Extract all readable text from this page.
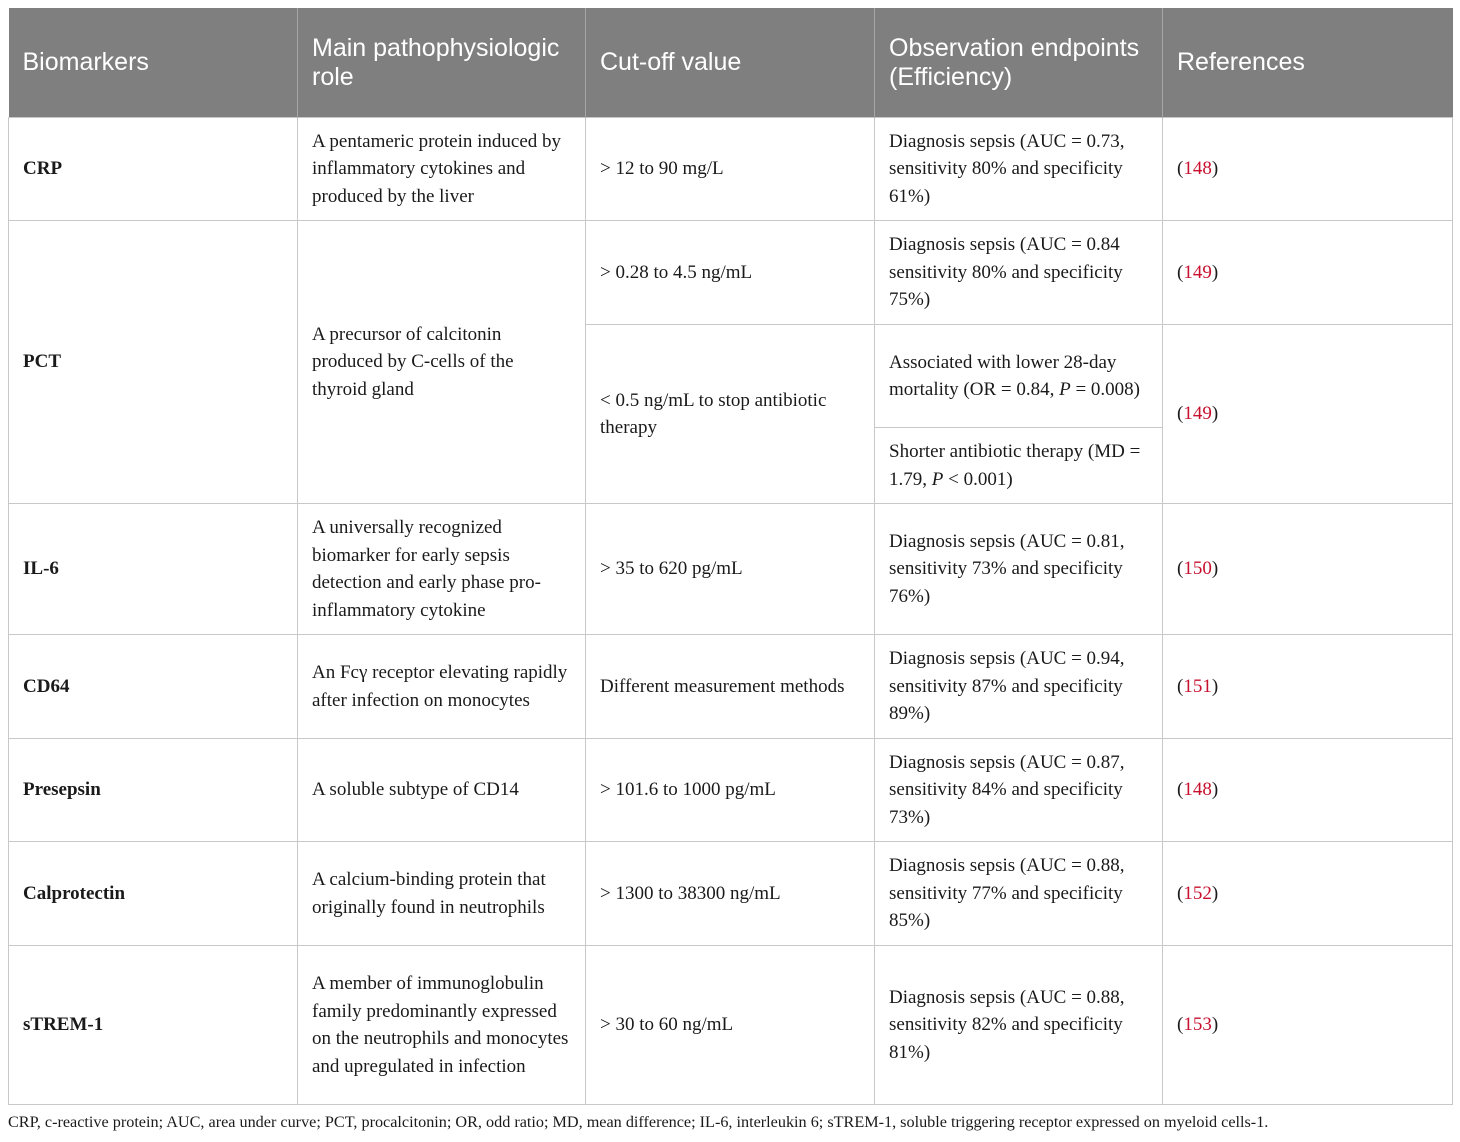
Biomarkers	Main pathophysiologic role	Cut-off value	Observation endpoints (Efficiency)	References
CRP	A pentameric protein induced by inflammatory cytokines and produced by the liver	> 12 to 90 mg/L	Diagnosis sepsis (AUC = 0.73, sensitivity 80% and specificity 61%)	(148)
PCT	A precursor of calcitonin produced by C-cells of the thyroid gland	> 0.28 to 4.5 ng/mL	Diagnosis sepsis (AUC = 0.84 sensitivity 80% and specificity 75%)	(149)
		< 0.5 ng/mL to stop antibiotic therapy	Associated with lower 28-day mortality (OR = 0.84, P = 0.008)	(149)
			Shorter antibiotic therapy (MD = 1.79, P < 0.001)	
IL-6	A universally recognized biomarker for early sepsis detection and early phase pro-inflammatory cytokine	> 35 to 620 pg/mL	Diagnosis sepsis (AUC = 0.81, sensitivity 73% and specificity 76%)	(150)
CD64	An Fcγ receptor elevating rapidly after infection on monocytes	Different measurement methods	Diagnosis sepsis (AUC = 0.94, sensitivity 87% and specificity 89%)	(151)
Presepsin	A soluble subtype of CD14	> 101.6 to 1000 pg/mL	Diagnosis sepsis (AUC = 0.87, sensitivity 84% and specificity 73%)	(148)
Calprotectin	A calcium-binding protein that originally found in neutrophils	> 1300 to 38300 ng/mL	Diagnosis sepsis (AUC = 0.88, sensitivity 77% and specificity 85%)	(152)
sTREM-1	A member of immunoglobulin family predominantly expressed on the neutrophils and monocytes and upregulated in infection	> 30 to 60 ng/mL	Diagnosis sepsis (AUC = 0.88, sensitivity 82% and specificity 81%)	(153)
CRP, c-reactive protein; AUC, area under curve; PCT, procalcitonin; OR, odd ratio; MD, mean difference; IL-6, interleukin 6; sTREM-1, soluble triggering receptor expressed on myeloid cells-1.
